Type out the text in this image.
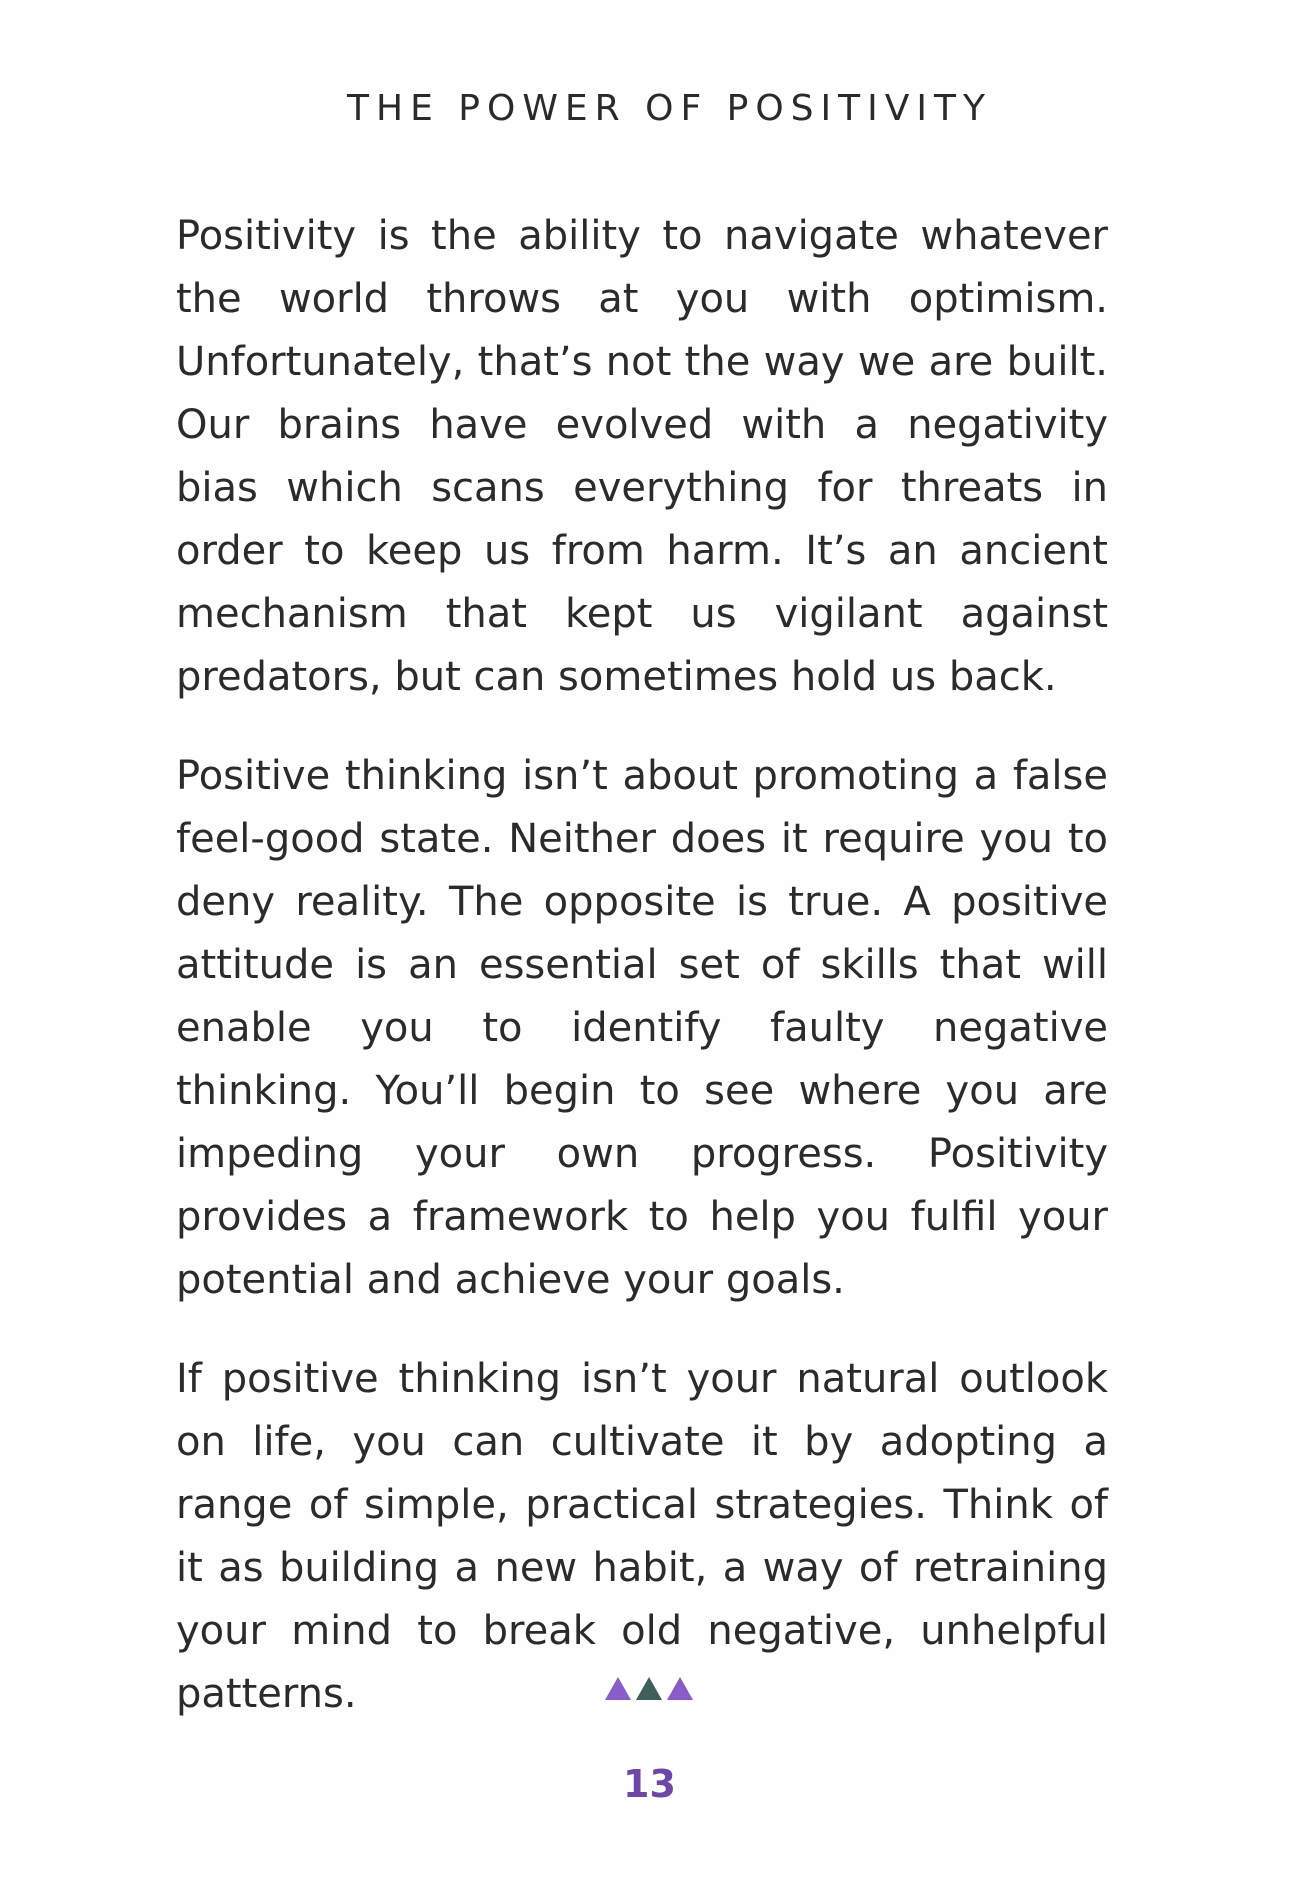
THE POWER OF POSITIVITY

Positivity is the ability to navigate whatever the world throws at you with optimism. Unfortunately, that’s not the way we are built. Our brains have evolved with a negativity bias which scans everything for threats in order to keep us from harm. It’s an ancient mechanism that kept us vigilant against predators, but can sometimes hold us back.

Positive thinking isn’t about promoting a false feel-good state. Neither does it require you to deny reality. The opposite is true. A positive attitude is an essential set of skills that will enable you to identify faulty negative thinking. You’ll begin to see where you are impeding your own progress. Positivity provides a framework to help you fulfil your potential and achieve your goals.

If positive thinking isn’t your natural outlook on life, you can cultivate it by adopting a range of simple, practical strategies. Think of it as building a new habit, a way of retraining your mind to break old negative, unhelpful patterns.

13
